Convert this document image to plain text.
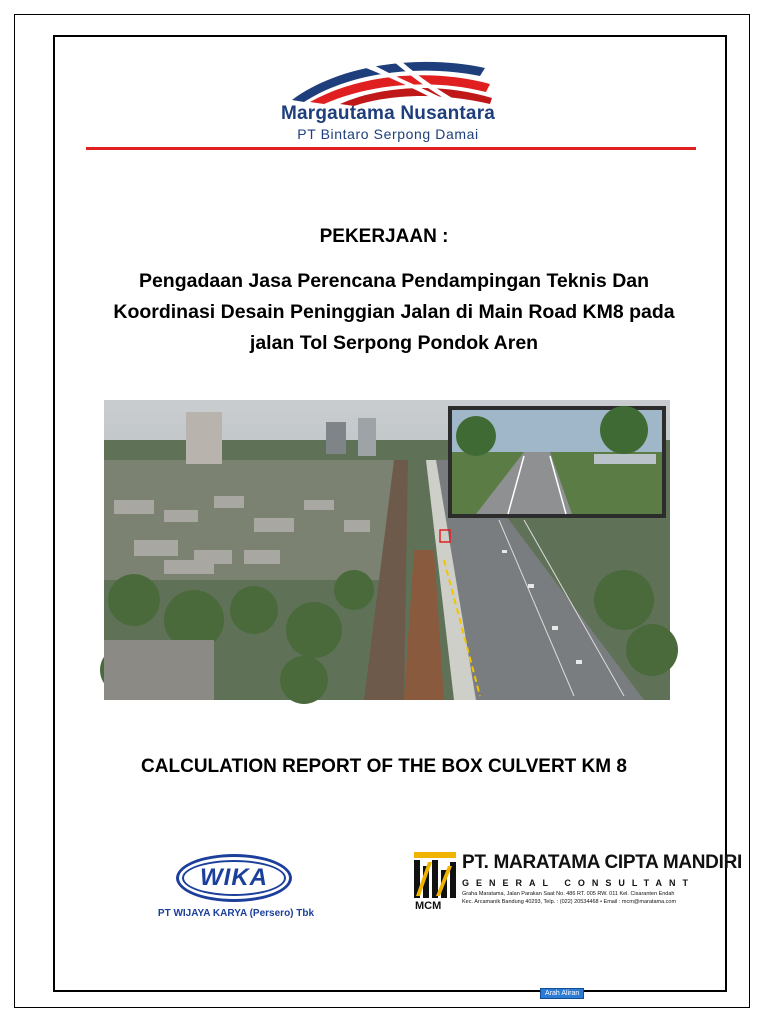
Margautama Nusantara
PT Bintaro Serpong Damai
PEKERJAAN :
Pengadaan Jasa Perencana Pendampingan Teknis Dan Koordinasi Desain Peninggian Jalan di Main Road KM8 pada jalan Tol Serpong Pondok Aren
Arah Aliran
CALCULATION REPORT OF THE BOX CULVERT KM 8
WIKA
PT WIJAYA KARYA (Persero) Tbk
MCM
PT. MARATAMA CIPTA MANDIRI
GENERAL CONSULTANT
Graha Maratama, Jalan Parakan Saat No. 486 RT. 005 RW. 011 Kel. Cisaranten Endah
Kec. Arcamanik Bandung 40293, Telp. : (022) 20534468 • Email : mcm@maratama.com
